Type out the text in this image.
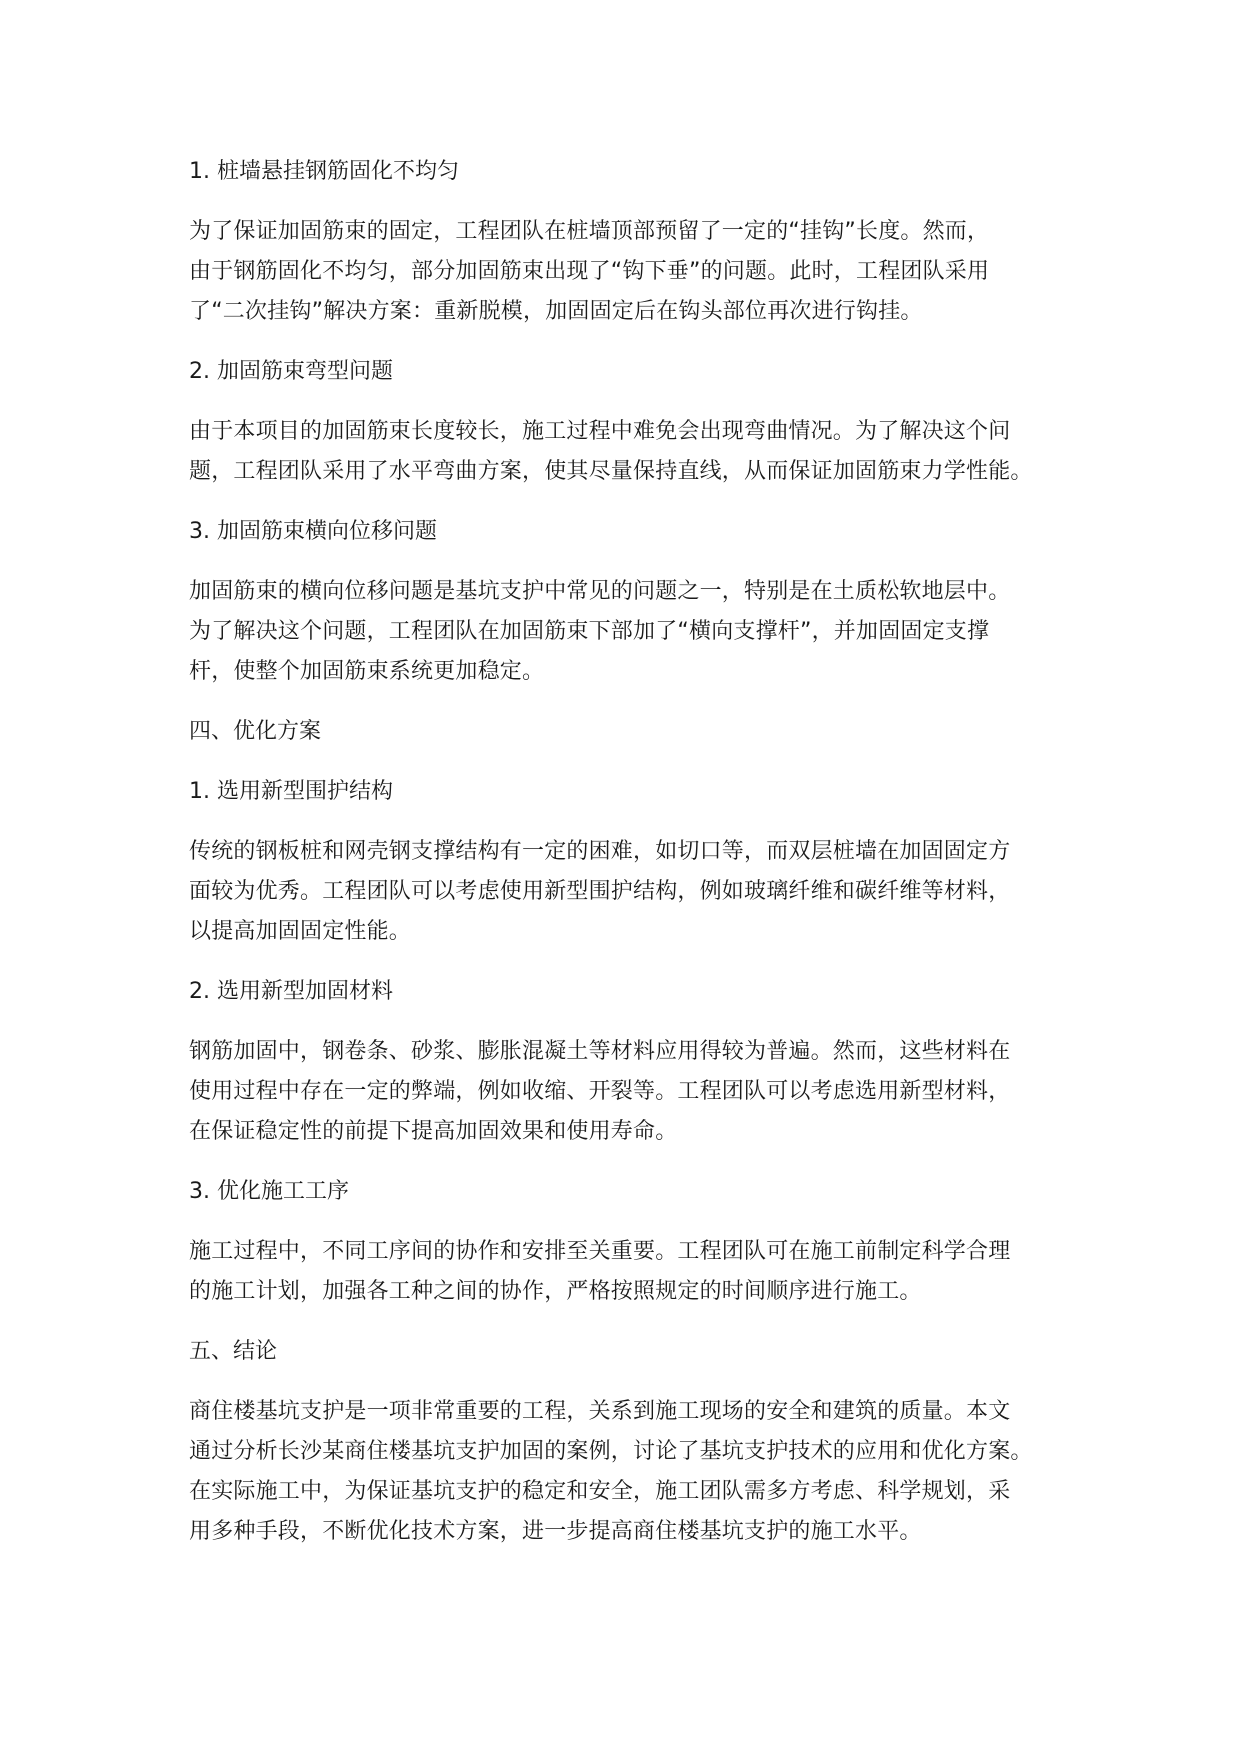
1. 桩墙悬挂钢筋固化不均匀
为了保证加固筋束的固定，工程团队在桩墙顶部预留了一定的“挂钩”长度。然而，
由于钢筋固化不均匀，部分加固筋束出现了“钩下垂”的问题。此时，工程团队采用
了“二次挂钩”解决方案：重新脱模，加固固定后在钩头部位再次进行钩挂。
2. 加固筋束弯型问题
由于本项目的加固筋束长度较长，施工过程中难免会出现弯曲情况。为了解决这个问
题，工程团队采用了水平弯曲方案，使其尽量保持直线，从而保证加固筋束力学性能。
3. 加固筋束横向位移问题
加固筋束的横向位移问题是基坑支护中常见的问题之一，特别是在土质松软地层中。
为了解决这个问题，工程团队在加固筋束下部加了“横向支撑杆”，并加固固定支撑
杆，使整个加固筋束系统更加稳定。
四、优化方案
1. 选用新型围护结构
传统的钢板桩和网壳钢支撑结构有一定的困难，如切口等，而双层桩墙在加固固定方
面较为优秀。工程团队可以考虑使用新型围护结构，例如玻璃纤维和碳纤维等材料，
以提高加固固定性能。
2. 选用新型加固材料
钢筋加固中，钢卷条、砂浆、膨胀混凝土等材料应用得较为普遍。然而，这些材料在
使用过程中存在一定的弊端，例如收缩、开裂等。工程团队可以考虑选用新型材料，
在保证稳定性的前提下提高加固效果和使用寿命。
3. 优化施工工序
施工过程中，不同工序间的协作和安排至关重要。工程团队可在施工前制定科学合理
的施工计划，加强各工种之间的协作，严格按照规定的时间顺序进行施工。
五、结论
商住楼基坑支护是一项非常重要的工程，关系到施工现场的安全和建筑的质量。本文
通过分析长沙某商住楼基坑支护加固的案例，讨论了基坑支护技术的应用和优化方案。
在实际施工中，为保证基坑支护的稳定和安全，施工团队需多方考虑、科学规划，采
用多种手段，不断优化技术方案，进一步提高商住楼基坑支护的施工水平。
